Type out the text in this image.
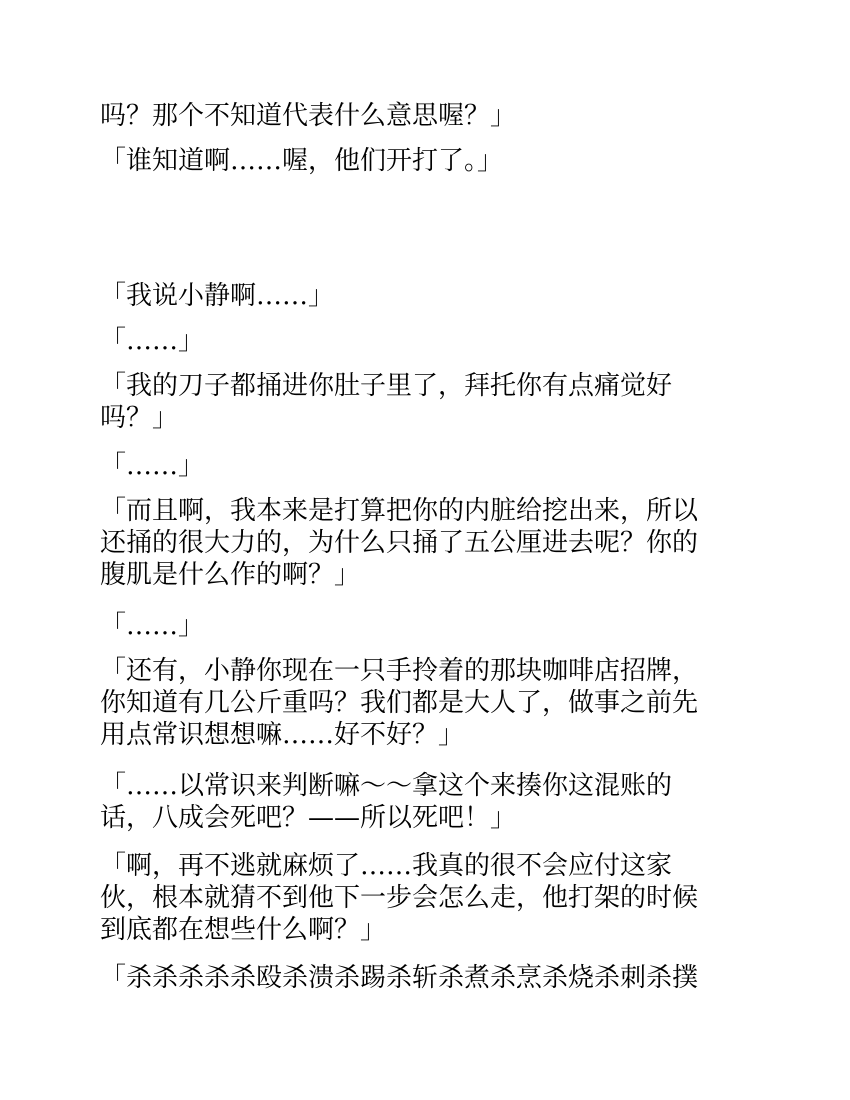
吗？那个不知道代表什么意思喔？」

「谁知道啊……喔，他们开打了。」

「我说小静啊……」

「……」

「我的刀子都捅进你肚子里了，拜托你有点痛觉好
吗？」

「……」

「而且啊，我本来是打算把你的内脏给挖出来，所以
还捅的很大力的，为什么只捅了五公厘进去呢？你的
腹肌是什么作的啊？」

「……」

「还有，小静你现在一只手拎着的那块咖啡店招牌，
你知道有几公斤重吗？我们都是大人了，做事之前先
用点常识想想嘛……好不好？」

「……以常识来判断嘛～～拿这个来揍你这混账的
话，八成会死吧？——所以死吧！」

「啊，再不逃就麻烦了……我真的很不会应付这家
伙，根本就猜不到他下一步会怎么走，他打架的时候
到底都在想些什么啊？」

「杀杀杀杀杀殴杀溃杀踢杀斩杀煮杀烹杀烧杀刺杀撲
